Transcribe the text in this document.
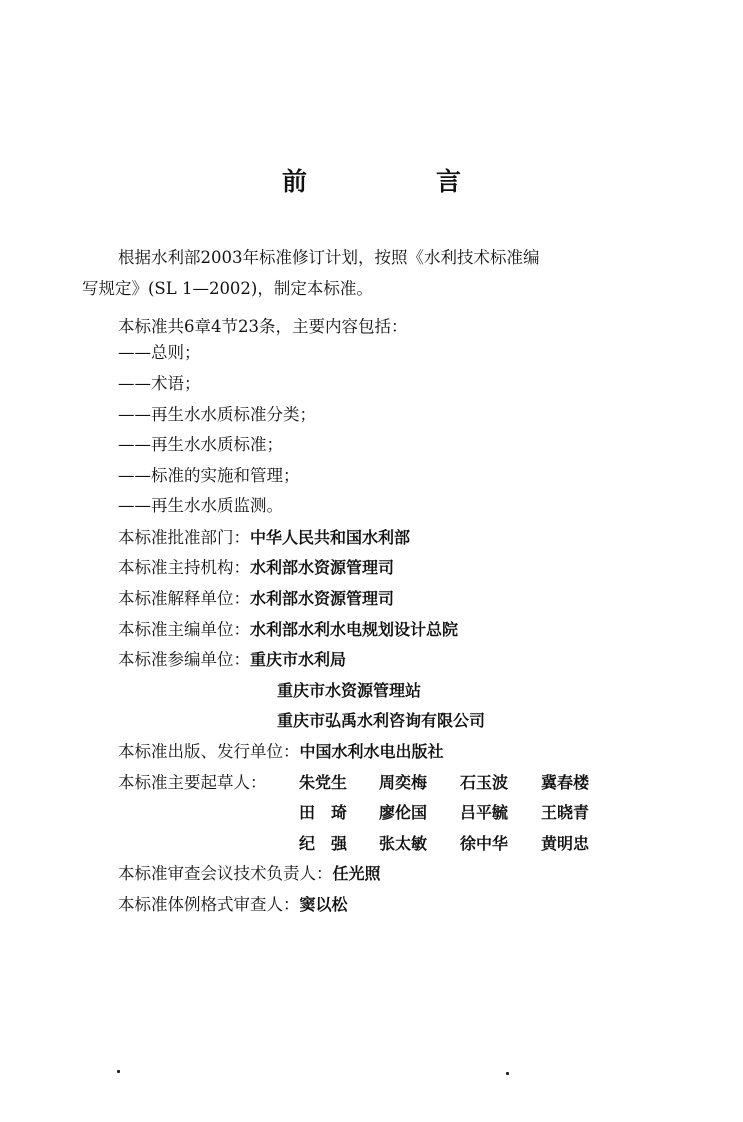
前　言
根据水利部2003年标准修订计划，按照《水利技术标准编
写规定》(SL 1—2002)，制定本标准。
本标准共6章4节23条，主要内容包括：
——总则；
——术语；
——再生水水质标准分类；
——再生水水质标准；
——标准的实施和管理；
——再生水水质监测。
本标准批准部门：中华人民共和国水利部
本标准主持机构：水利部水资源管理司
本标准解释单位：水利部水资源管理司
本标准主编单位：水利部水利水电规划设计总院
本标准参编单位：重庆市水利局
重庆市水资源管理站
重庆市弘禹水利咨询有限公司
本标准出版、发行单位：中国水利水电出版社
本标准主要起草人： 朱党生 周奕梅 石玉波 冀春楼
田　琦 廖伦国 吕平毓 王晓青
纪　强 张太敏 徐中华 黄明忠
本标准审查会议技术负责人：任光照
本标准体例格式审查人：窦以松
